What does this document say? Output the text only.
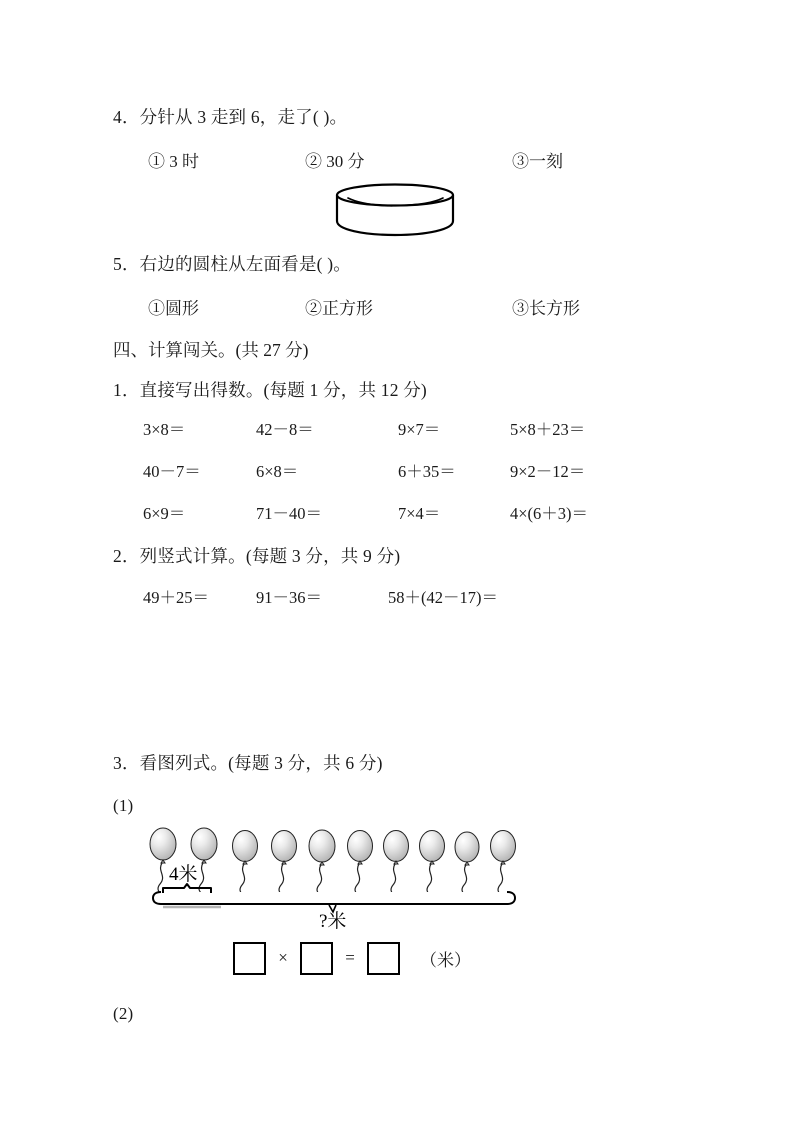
4．分针从 3 走到 6，走了( )。
① 3 时	② 30 分	③一刻
5．右边的圆柱从左面看是( )。
①圆形	②正方形	③长方形
四、计算闯关。(共 27 分)
1．直接写出得数。(每题 1 分，共 12 分)
3×8＝	42－8＝	9×7＝	5×8＋23＝
40－7＝	6×8＝	6＋35＝	9×2－12＝
6×9＝	71－40＝	7×4＝	4×(6＋3)＝
2．列竖式计算。(每题 3 分，共 9 分)
49＋25＝	91－36＝	58＋(42－17)＝
3．看图列式。(每题 3 分，共 6 分)
(1)
4米
?米
×	=	（米）
(2)
